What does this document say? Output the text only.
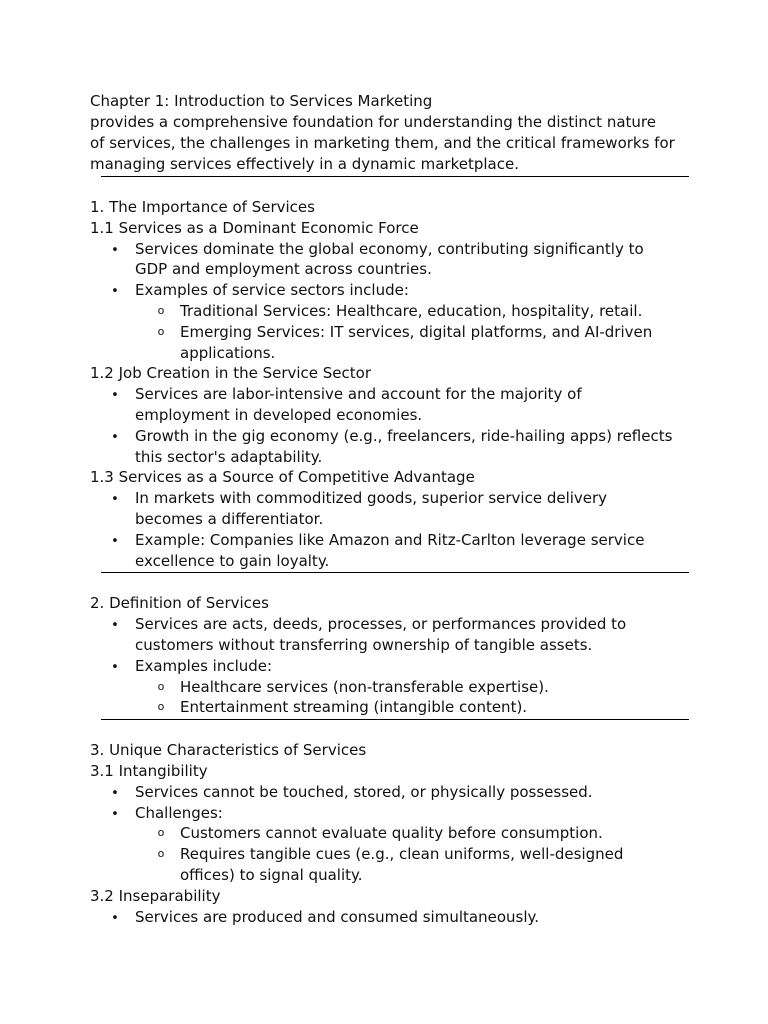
Chapter 1: Introduction to Services Marketing
provides a comprehensive foundation for understanding the distinct nature
of services, the challenges in marketing them, and the critical frameworks for
managing services effectively in a dynamic marketplace.
1. The Importance of Services
1.1 Services as a Dominant Economic Force
•
Services dominate the global economy, contributing significantly to
GDP and employment across countries.
•
Examples of service sectors include:
o
Traditional Services: Healthcare, education, hospitality, retail.
o
Emerging Services: IT services, digital platforms, and AI-driven
applications.
1.2 Job Creation in the Service Sector
•
Services are labor-intensive and account for the majority of
employment in developed economies.
•
Growth in the gig economy (e.g., freelancers, ride-hailing apps) reflects
this sector's adaptability.
1.3 Services as a Source of Competitive Advantage
•
In markets with commoditized goods, superior service delivery
becomes a differentiator.
•
Example: Companies like Amazon and Ritz-Carlton leverage service
excellence to gain loyalty.
2. Definition of Services
•
Services are acts, deeds, processes, or performances provided to
customers without transferring ownership of tangible assets.
•
Examples include:
o
Healthcare services (non-transferable expertise).
o
Entertainment streaming (intangible content).
3. Unique Characteristics of Services
3.1 Intangibility
•
Services cannot be touched, stored, or physically possessed.
•
Challenges:
o
Customers cannot evaluate quality before consumption.
o
Requires tangible cues (e.g., clean uniforms, well-designed
offices) to signal quality.
3.2 Inseparability
•
Services are produced and consumed simultaneously.
